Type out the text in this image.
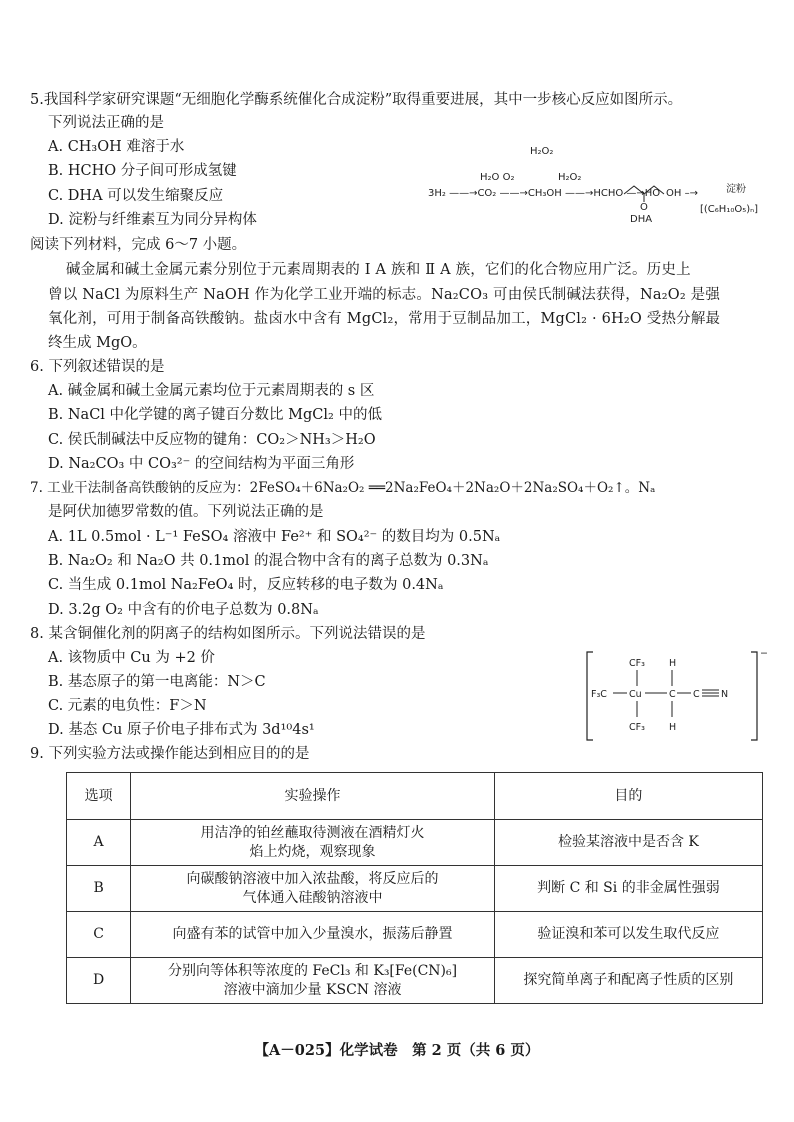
5.我国科学家研究课题“无细胞化学酶系统催化合成淀粉”取得重要进展，其中一步核心反应如图所示。
下列说法正确的是
A. CH₃OH 难溶于水
B. HCHO 分子间可形成氢键
C. DHA 可以发生缩聚反应
D. 淀粉与纤维素互为同分异构体
H₂O₂
H₂O O₂	H₂O₂
3H₂ ——→CO₂ ——→CH₃OH ——→HCHO —→HO
O
OH –→
DHA
淀粉
[(C₆H₁₀O₅)ₙ]
阅读下列材料，完成 6～7 小题。
碱金属和碱土金属元素分别位于元素周期表的 Ⅰ A 族和 Ⅱ A 族，它们的化合物应用广泛。历史上
曾以 NaCl 为原料生产 NaOH 作为化学工业开端的标志。Na₂CO₃ 可由侯氏制碱法获得，Na₂O₂ 是强
氧化剂，可用于制备高铁酸钠。盐卤水中含有 MgCl₂，常用于豆制品加工，MgCl₂ · 6H₂O 受热分解最
终生成 MgO。
6. 下列叙述错误的是
A. 碱金属和碱土金属元素均位于元素周期表的 s 区
B. NaCl 中化学键的离子键百分数比 MgCl₂ 中的低
C. 侯氏制碱法中反应物的键角：CO₂＞NH₃＞H₂O
D. Na₂CO₃ 中 CO₃²⁻ 的空间结构为平面三角形
7. 工业干法制备高铁酸钠的反应为：2FeSO₄＋6Na₂O₂ ══2Na₂FeO₄＋2Na₂O＋2Na₂SO₄＋O₂↑。Nₐ
是阿伏加德罗常数的值。下列说法正确的是
A. 1L 0.5mol · L⁻¹ FeSO₄ 溶液中 Fe²⁺ 和 SO₄²⁻ 的数目均为 0.5Nₐ
B. Na₂O₂ 和 Na₂O 共 0.1mol 的混合物中含有的离子总数为 0.3Nₐ
C. 当生成 0.1mol Na₂FeO₄ 时，反应转移的电子数为 0.4Nₐ
D. 3.2g O₂ 中含有的价电子总数为 0.8Nₐ
8. 某含铜催化剂的阴离子的结构如图所示。下列说法错误的是
A. 该物质中 Cu 为 +2 价
B. 基态原子的第一电离能：N＞C
C. 元素的电负性：F＞N
D. 基态 Cu 原子价电子排布式为 3d¹⁰4s¹
−
CF₃	H
F₃C Cu	C C N
CF₃	H
9. 下列实验方法或操作能达到相应目的的是
选项	实验操作	目的
A	用洁净的铂丝蘸取待测液在酒精灯火
焰上灼烧，观察现象	检验某溶液中是否含 K
B	向碳酸钠溶液中加入浓盐酸，将反应后的
气体通入硅酸钠溶液中	判断 C 和 Si 的非金属性强弱
C	向盛有苯的试管中加入少量溴水，振荡后静置	验证溴和苯可以发生取代反应
D	分别向等体积等浓度的 FeCl₃ 和 K₃[Fe(CN)₆]
溶液中滴加少量 KSCN 溶液	探究简单离子和配离子性质的区别
【A－025】化学试卷　第 2 页（共 6 页）
